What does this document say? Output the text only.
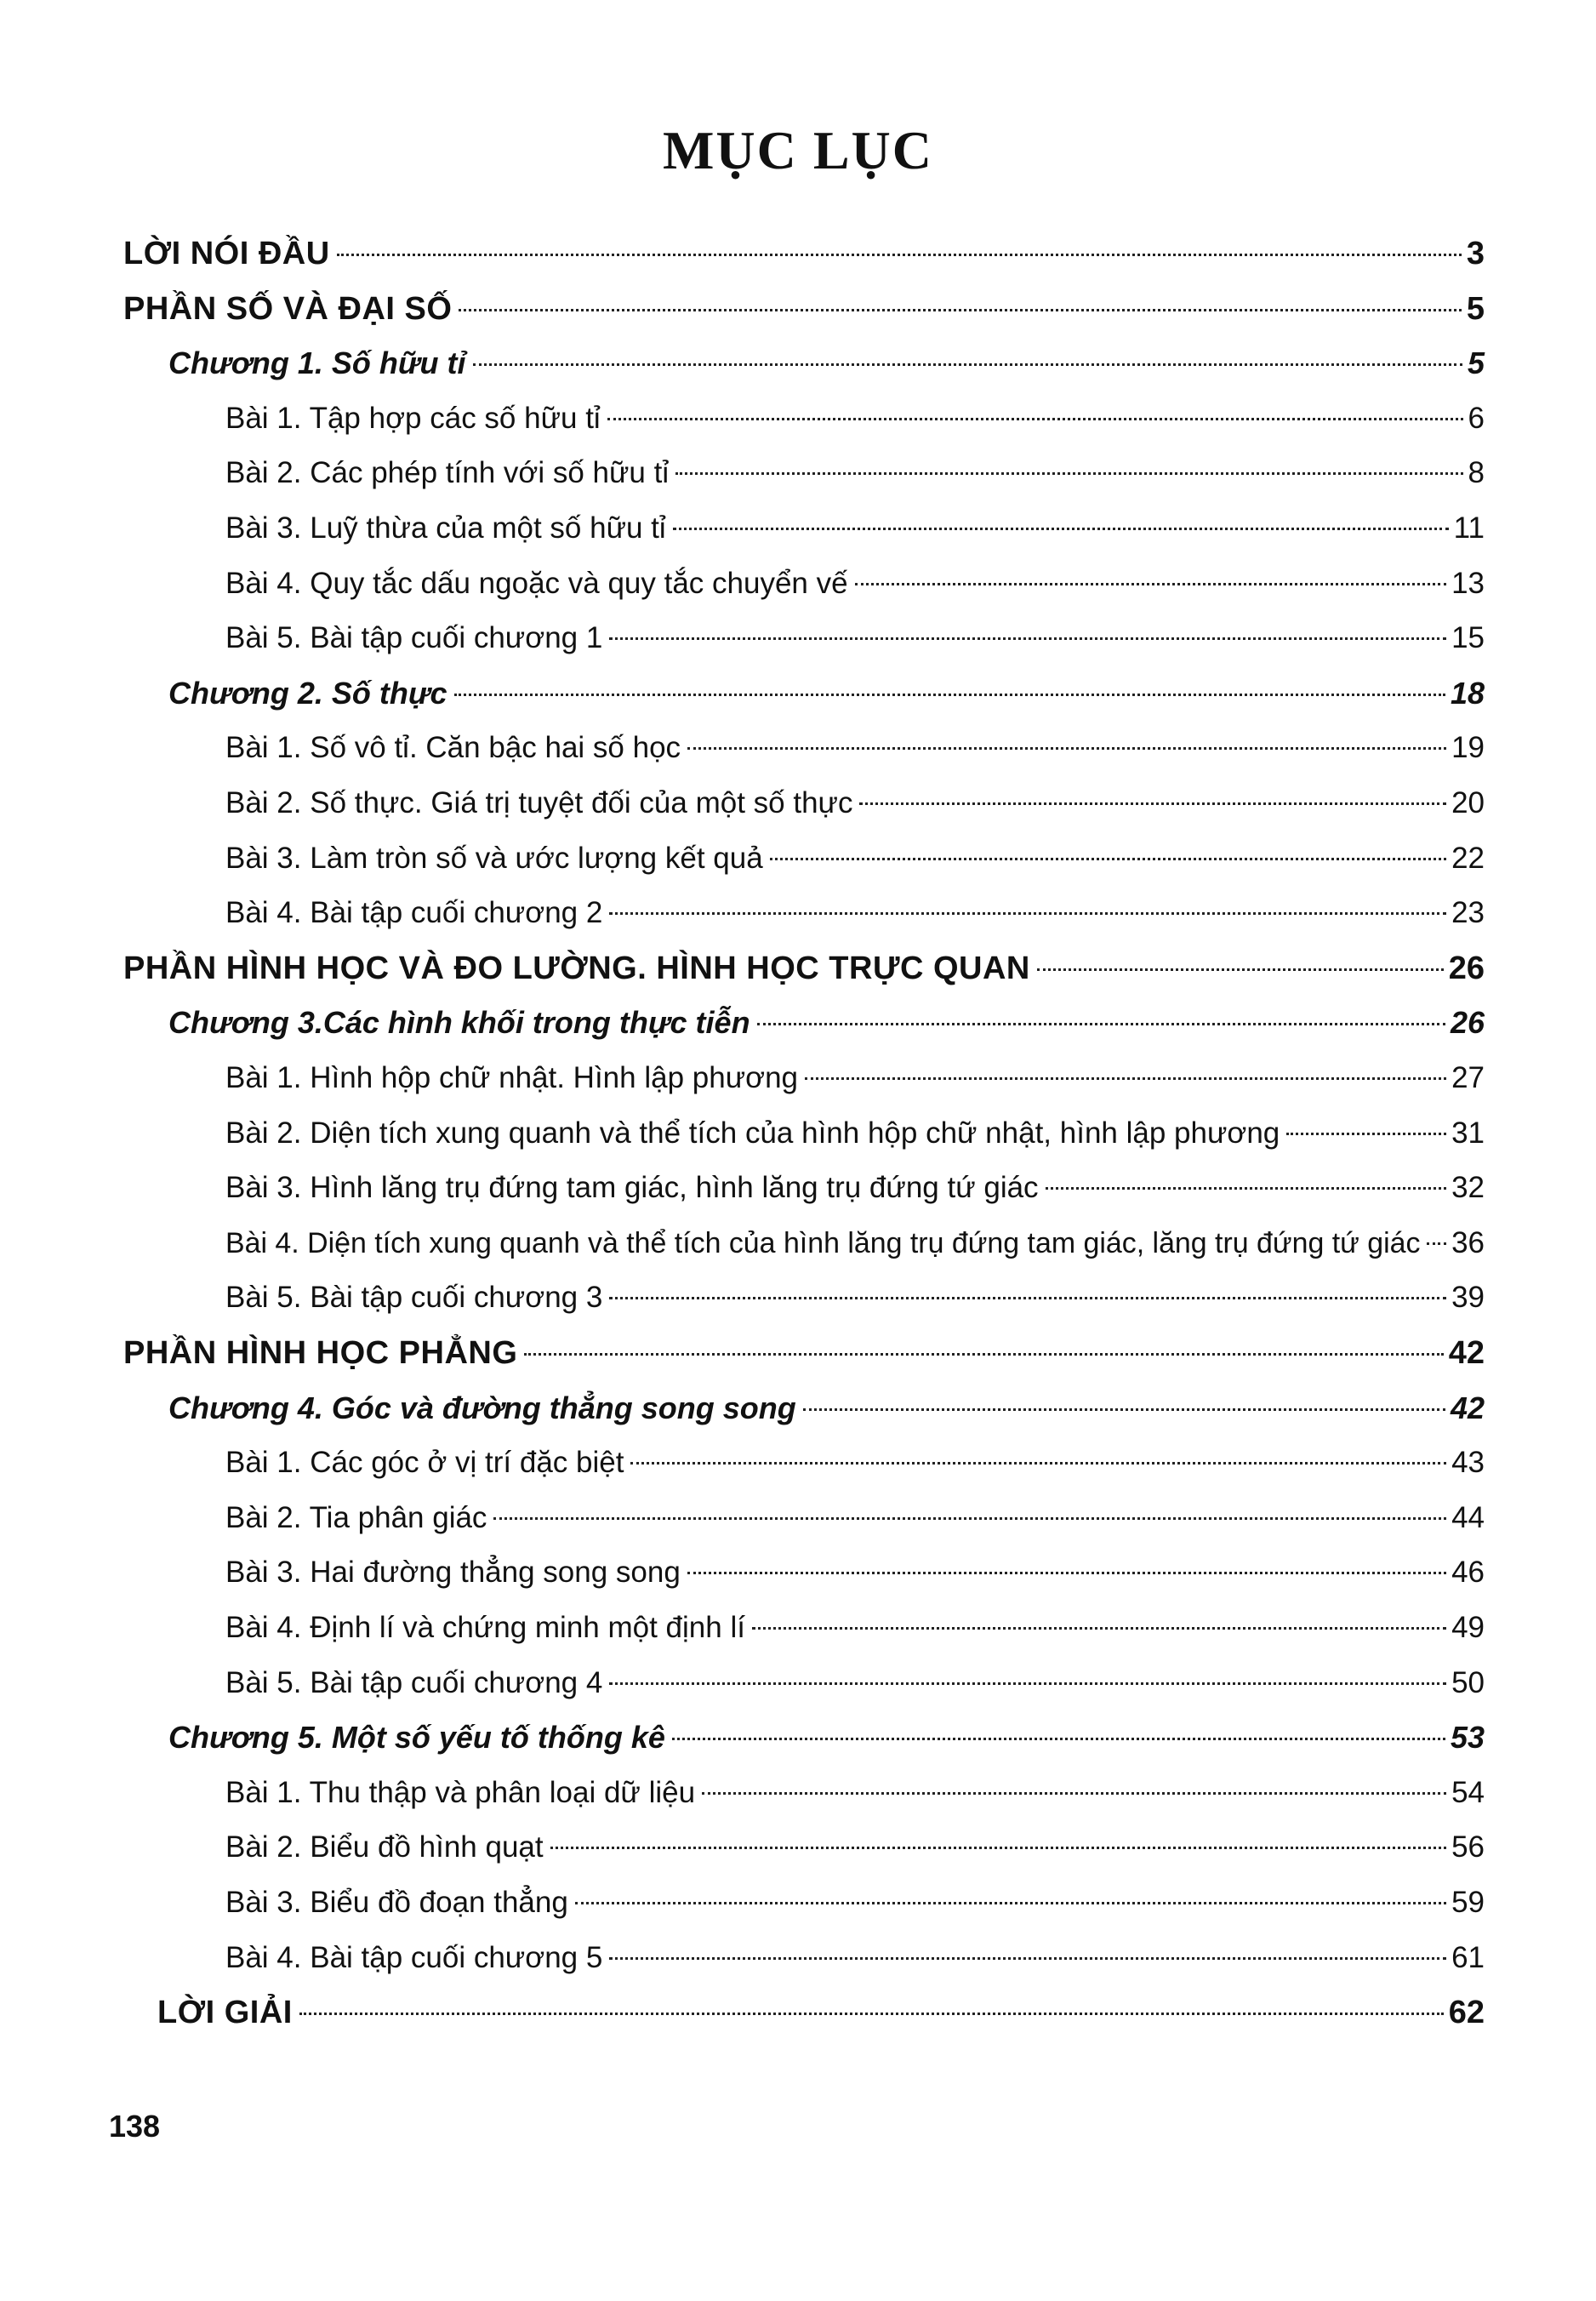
MỤC LỤC
LỜI NÓI ĐẦU	3
PHẦN SỐ VÀ ĐẠI SỐ	5
Chương 1. Số hữu tỉ	5
Bài 1. Tập hợp các số hữu tỉ	6
Bài 2. Các phép tính với số hữu tỉ	8
Bài 3. Luỹ thừa của một số hữu tỉ	11
Bài 4. Quy tắc dấu ngoặc và quy tắc chuyển vế	13
Bài 5. Bài tập cuối chương 1	15
Chương 2. Số thực	18
Bài 1. Số vô tỉ. Căn bậc hai số học	19
Bài 2. Số thực. Giá trị tuyệt đối của một số thực	20
Bài 3. Làm tròn số và ước lượng kết quả	22
Bài 4. Bài tập cuối chương 2	23
PHẦN HÌNH HỌC VÀ ĐO LƯỜNG. HÌNH HỌC TRỰC QUAN	26
Chương 3.Các hình khối trong thực tiễn	26
Bài 1. Hình hộp chữ nhật. Hình lập phương	27
Bài 2. Diện tích xung quanh và thể tích của hình hộp chữ nhật, hình lập phương	31
Bài 3. Hình lăng trụ đứng tam giác, hình lăng trụ đứng tứ giác	32
Bài 4. Diện tích xung quanh và thể tích của hình lăng trụ đứng tam giác, lăng trụ đứng tứ giác 36
Bài 5. Bài tập cuối chương 3	39
PHẦN HÌNH HỌC PHẲNG	42
Chương 4. Góc và đường thẳng song song	42
Bài 1. Các góc ở vị trí đặc biệt	43
Bài 2. Tia phân giác	44
Bài 3. Hai đường thẳng song song	46
Bài 4. Định lí và chứng minh một định lí	49
Bài 5. Bài tập cuối chương 4	50
Chương 5. Một số yếu tố thống kê	53
Bài 1. Thu thập và phân loại dữ liệu	54
Bài 2. Biểu đồ hình quạt	56
Bài 3. Biểu đồ đoạn thẳng	59
Bài 4. Bài tập cuối chương 5	61
LỜI GIẢI	62
138
